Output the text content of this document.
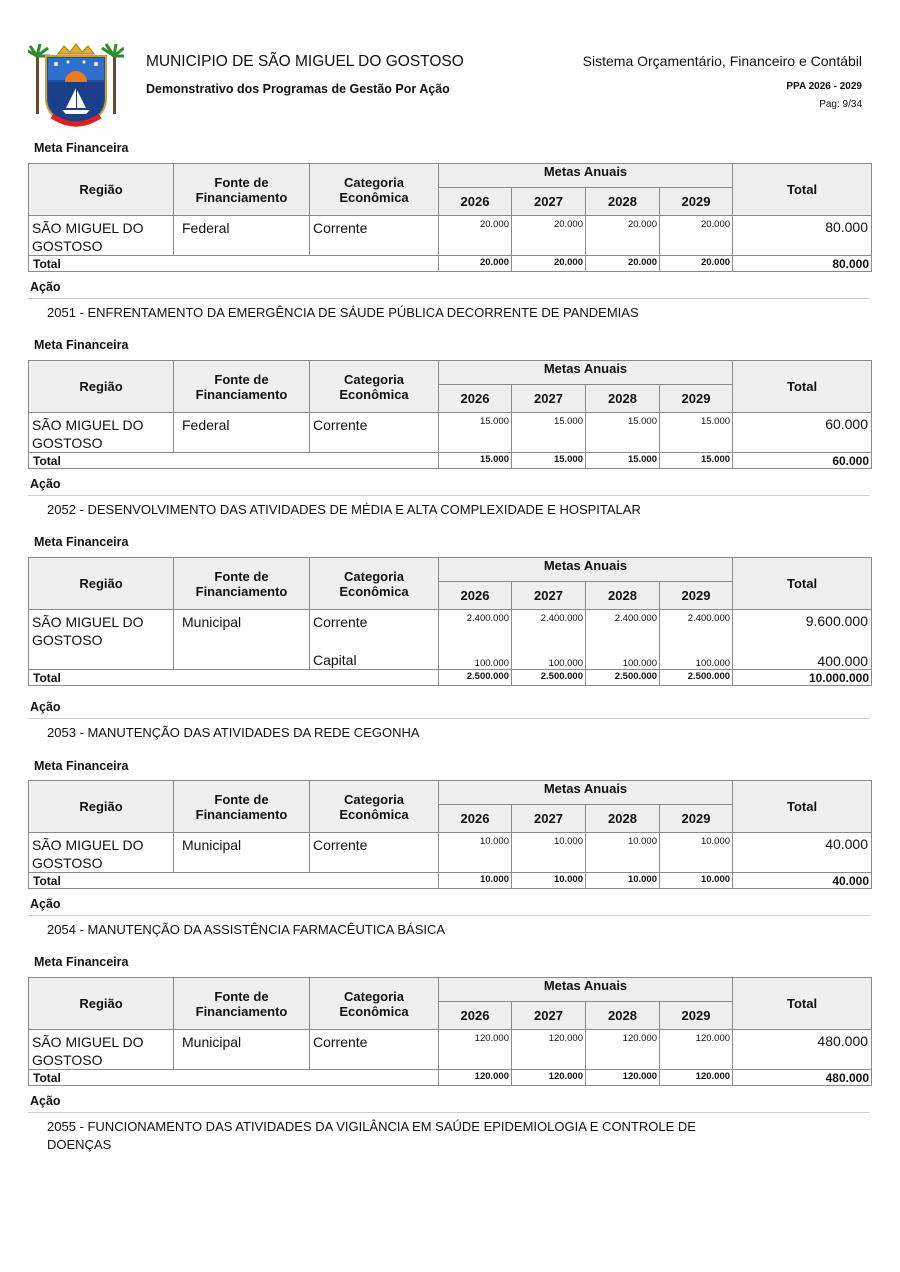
MUNICIPIO DE SÃO MIGUEL DO GOSTOSO
Demonstrativo dos Programas de Gestão Por Ação
Sistema Orçamentário, Financeiro e Contábil
PPA 2026 - 2029
Pag: 9/34
Meta Financeira
Região	Fonte de
Financiamento	Categoria
Econômica	Metas Anuais				Total
			2026	2027	2028	2029	

SÃO MIGUEL DO
GOSTOSO	Federal	Corrente	20.000	20.000	20.000	20.000	80.000
Total			20.000	20.000	20.000	20.000	80.000
Ação
2051 - ENFRENTAMENTO DA EMERGÊNCIA DE SÁUDE PÚBLICA DECORRENTE DE PANDEMIAS
Meta Financeira
Região	Fonte de
Financiamento	Categoria
Econômica	Metas Anuais				Total
			2026	2027	2028	2029	

SÃO MIGUEL DO
GOSTOSO	Federal	Corrente	15.000	15.000	15.000	15.000	60.000
Total			15.000	15.000	15.000	15.000	60.000
Ação
2052 - DESENVOLVIMENTO DAS ATIVIDADES DE MÉDIA E ALTA COMPLEXIDADE E HOSPITALAR
Meta Financeira
Região	Fonte de
Financiamento	Categoria
Econômica	Metas Anuais				Total
			2026	2027	2028	2029	

SÃO MIGUEL DO
GOSTOSO	Municipal	Corrente	2.400.000	2.400.000	2.400.000	2.400.000	9.600.000
		Capital	100.000	100.000	100.000	100.000	400.000
Total			2.500.000	2.500.000	2.500.000	2.500.000	10.000.000
Ação
2053 - MANUTENÇÃO DAS ATIVIDADES DA REDE CEGONHA
Meta Financeira
Região	Fonte de
Financiamento	Categoria
Econômica	Metas Anuais				Total
			2026	2027	2028	2029	

SÃO MIGUEL DO
GOSTOSO	Municipal	Corrente	10.000	10.000	10.000	10.000	40.000
Total			10.000	10.000	10.000	10.000	40.000
Ação
2054 - MANUTENÇÃO DA ASSISTÊNCIA FARMACÊUTICA BÁSICA
Meta Financeira
Região	Fonte de
Financiamento	Categoria
Econômica	Metas Anuais				Total
			2026	2027	2028	2029	

SÃO MIGUEL DO
GOSTOSO	Municipal	Corrente	120.000	120.000	120.000	120.000	480.000
Total			120.000	120.000	120.000	120.000	480.000
Ação
2055 - FUNCIONAMENTO DAS ATIVIDADES DA VIGILÂNCIA EM SAÚDE EPIDEMIOLOGIA E CONTROLE DE DOENÇAS
